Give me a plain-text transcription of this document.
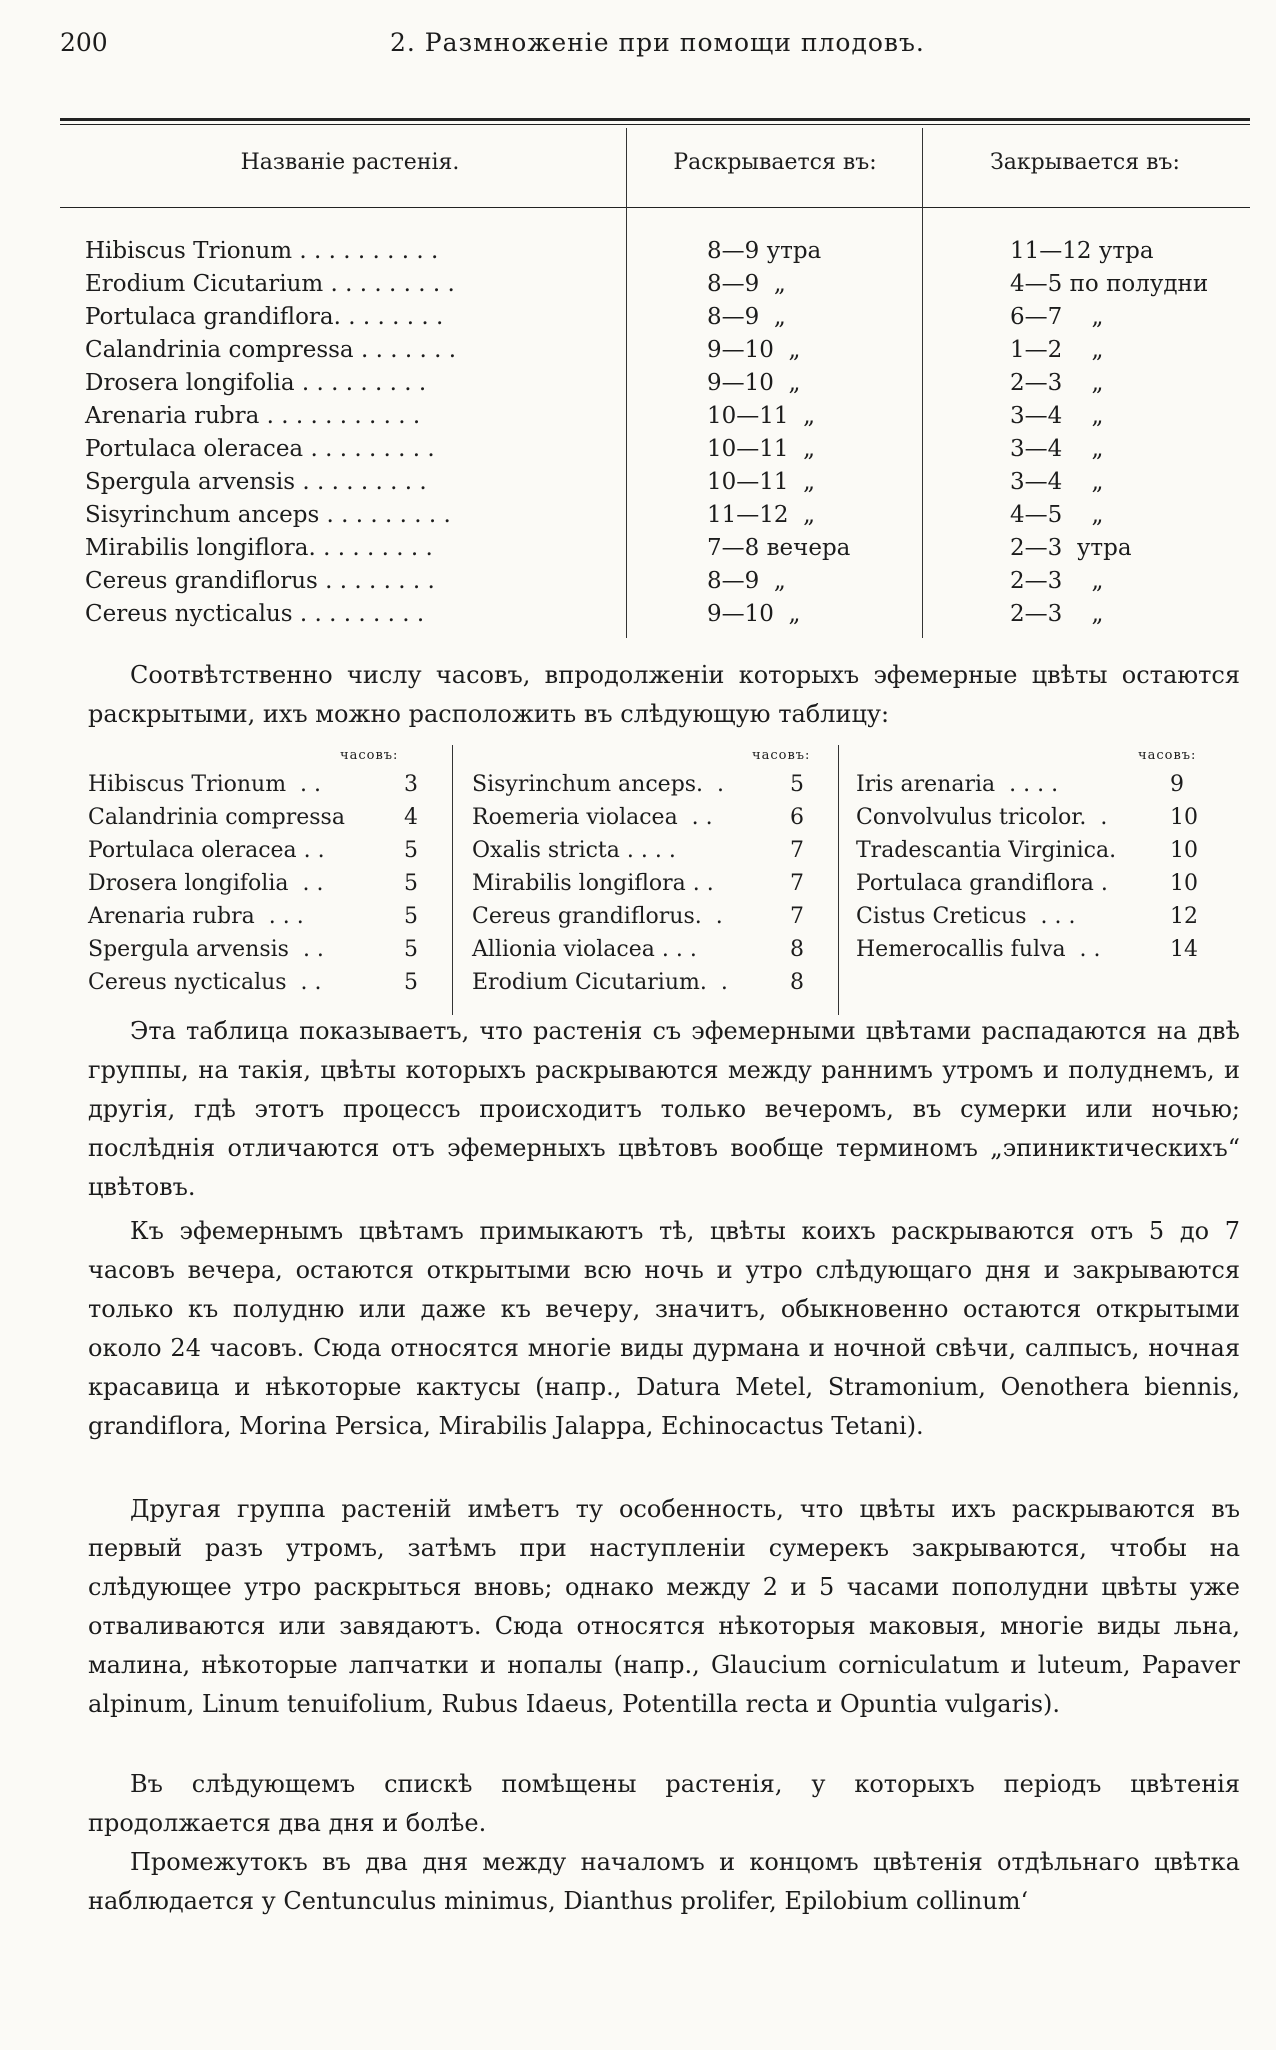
200	2. Размноженіе при помощи плодовъ.
Названіе растенія.	Раскрывается въ:	Закрывается въ:
Hibiscus Trionum . . . . . . . . . .	8—9 утра	11—12 утра
Erodium Cicutarium . . . . . . . . .	8—9  „	4—5 по полудни
Portulaca grandiflora. . . . . . . .	8—9  „	6—7    „
Calandrinia compressa . . . . . . .	9—10  „	1—2    „
Drosera longifolia . . . . . . . . .	9—10  „	2—3    „
Arenaria rubra . . . . . . . . . . .	10—11  „	3—4    „
Portulaca oleracea . . . . . . . . .	10—11  „	3—4    „
Spergula arvensis . . . . . . . . .	10—11  „	3—4    „
Sisyrinchum anceps . . . . . . . . .	11—12  „	4—5    „
Mirabilis longiflora. . . . . . . . .	7—8 вечера	2—3  утра
Cereus grandiflorus . . . . . . . .	8—9  „	2—3    „
Cereus nycticalus . . . . . . . . .	9—10  „	2—3    „
Соотвѣтственно числу часовъ, впродолженіи которыхъ эфемерные цвѣты остаются раскрытыми, ихъ можно расположить въ слѣдующую таблицу:
часовъ:	часовъ:	часовъ:
Hibiscus Trionum  . .	3
Calandrinia compressa	4
Portulaca oleracea . .	5
Drosera longifolia  . .	5
Arenaria rubra  . . .	5
Spergula arvensis  . .	5
Cereus nycticalus  . .	5
Sisyrinchum anceps.  .	5
Roemeria violacea  . .	6
Oxalis stricta . . . .	7
Mirabilis longiflora . .	7
Cereus grandiflorus.  .	7
Allionia violacea . . .	8
Erodium Cicutarium.  .	8
Iris arenaria  . . . .	9
Convolvulus tricolor.  .	10
Tradescantia Virginica. 10
Portulaca grandiflora .	10
Cistus Creticus  . . .	12
Hemerocallis fulva  . .	14
Эта таблица показываетъ, что растенія съ эфемерными цвѣтами распадаются на двѣ группы, на такія, цвѣты которыхъ раскрываются между раннимъ утромъ и полуднемъ, и другія, гдѣ этотъ процессъ происходитъ только вечеромъ, въ сумерки или ночью; послѣднія отличаются отъ эфемерныхъ цвѣтовъ вообще терминомъ „эпиниктическихъ“ цвѣтовъ.
Къ эфемернымъ цвѣтамъ примыкаютъ тѣ, цвѣты коихъ раскрываются отъ 5 до 7 часовъ вечера, остаются открытыми всю ночь и утро слѣдующаго дня и закрываются только къ полудню или даже къ вечеру, значитъ, обыкновенно остаются открытыми около 24 часовъ. Сюда относятся многіе виды дурмана и ночной свѣчи, салпысъ, ночная красавица и нѣкоторые кактусы (напр., Datura Metel, Stramonium, Oenothera biennis, grandiflora, Morina Persica, Mirabilis Jalappa, Echinocactus Tetani).
Другая группа растеній имѣетъ ту особенность, что цвѣты ихъ раскрываются въ первый разъ утромъ, затѣмъ при наступленіи сумерекъ закрываются, чтобы на слѣдующее утро раскрыться вновь; однако между 2 и 5 часами пополудни цвѣты уже отваливаются или завядаютъ. Сюда относятся нѣкоторыя маковыя, многіе виды льна, малина, нѣкоторые лапчатки и нопалы (напр., Glaucium corniculatum и luteum, Papaver alpinum, Linum tenuifolium, Rubus Idaeus, Potentilla recta и Opuntia vulgaris).
Въ слѣдующемъ спискѣ помѣщены растенія, у которыхъ періодъ цвѣтенія продолжается два дня и болѣе.
Промежутокъ въ два дня между началомъ и концомъ цвѣтенія отдѣльнаго цвѣтка наблюдается у Centunculus minimus, Dianthus prolifer, Epilobium collinum‘
